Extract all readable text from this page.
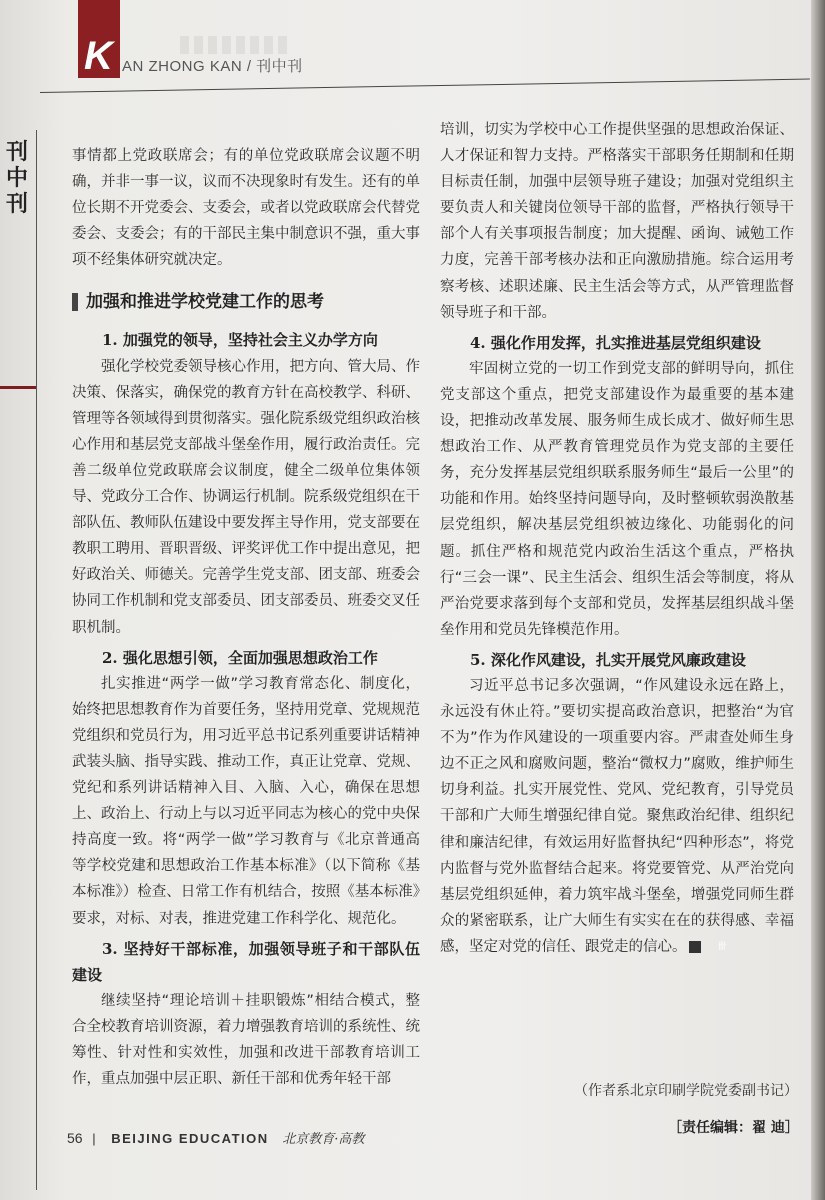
K AN ZHONG KAN / 刊中刊
刊中刊

事情都上党政联席会；有的单位党政联席会议题不明确，并非一事一议，议而不决现象时有发生。还有的单位长期不开党委会、支委会，或者以党政联席会代替党委会、支委会；有的干部民主集中制意识不强，重大事项不经集体研究就决定。

加强和推进学校党建工作的思考

1. 加强党的领导，坚持社会主义办学方向

强化学校党委领导核心作用，把方向、管大局、作决策、保落实，确保党的教育方针在高校教学、科研、管理等各领域得到贯彻落实。强化院系级党组织政治核心作用和基层党支部战斗堡垒作用，履行政治责任。完善二级单位党政联席会议制度，健全二级单位集体领导、党政分工合作、协调运行机制。院系级党组织在干部队伍、教师队伍建设中要发挥主导作用，党支部要在教职工聘用、晋职晋级、评奖评优工作中提出意见，把好政治关、师德关。完善学生党支部、团支部、班委会协同工作机制和党支部委员、团支部委员、班委交叉任职机制。

2. 强化思想引领，全面加强思想政治工作

扎实推进“两学一做”学习教育常态化、制度化，始终把思想教育作为首要任务，坚持用党章、党规规范党组织和党员行为，用习近平总书记系列重要讲话精神武装头脑、指导实践、推动工作，真正让党章、党规、党纪和系列讲话精神入目、入脑、入心，确保在思想上、政治上、行动上与以习近平同志为核心的党中央保持高度一致。将“两学一做”学习教育与《北京普通高等学校党建和思想政治工作基本标准》（以下简称《基本标准》）检查、日常工作有机结合，按照《基本标准》要求，对标、对表，推进党建工作科学化、规范化。

3. 坚持好干部标准，加强领导班子和干部队伍建设

继续坚持“理论培训＋挂职锻炼”相结合模式，整合全校教育培训资源，着力增强教育培训的系统性、统筹性、针对性和实效性，加强和改进干部教育培训工作，重点加强中层正职、新任干部和优秀年轻干部

培训，切实为学校中心工作提供坚强的思想政治保证、人才保证和智力支持。严格落实干部职务任期制和任期目标责任制，加强中层领导班子建设；加强对党组织主要负责人和关键岗位领导干部的监督，严格执行领导干部个人有关事项报告制度；加大提醒、函询、诫勉工作力度，完善干部考核办法和正向激励措施。综合运用考察考核、述职述廉、民主生活会等方式，从严管理监督领导班子和干部。

4. 强化作用发挥，扎实推进基层党组织建设

牢固树立党的一切工作到党支部的鲜明导向，抓住党支部这个重点，把党支部建设作为最重要的基本建设，把推动改革发展、服务师生成长成才、做好师生思想政治工作、从严教育管理党员作为党支部的主要任务，充分发挥基层党组织联系服务师生“最后一公里”的功能和作用。始终坚持问题导向，及时整顿软弱涣散基层党组织，解决基层党组织被边缘化、功能弱化的问题。抓住严格和规范党内政治生活这个重点，严格执行“三会一课”、民主生活会、组织生活会等制度，将从严治党要求落到每个支部和党员，发挥基层组织战斗堡垒作用和党员先锋模范作用。

5. 深化作风建设，扎实开展党风廉政建设

习近平总书记多次强调，“作风建设永远在路上，永远没有休止符。”要切实提高政治意识，把整治“为官不为”作为作风建设的一项重要内容。严肃查处师生身边不正之风和腐败问题，整治“微权力”腐败，维护师生切身利益。扎实开展党性、党风、党纪教育，引导党员干部和广大师生增强纪律自觉。聚焦政治纪律、组织纪律和廉洁纪律，有效运用好监督执纪“四种形态”，将党内监督与党外监督结合起来。将党要管党、从严治党向基层党组织延伸，着力筑牢战斗堡垒，增强党同师生群众的紧密联系，让广大师生有实实在在的获得感、幸福感，坚定对党的信任、跟党走的信心。	卌

（作者系北京印刷学院党委副书记）
［责任编辑：翟 迪］
56 | BEIJING EDUCATION 北京教育·高教
